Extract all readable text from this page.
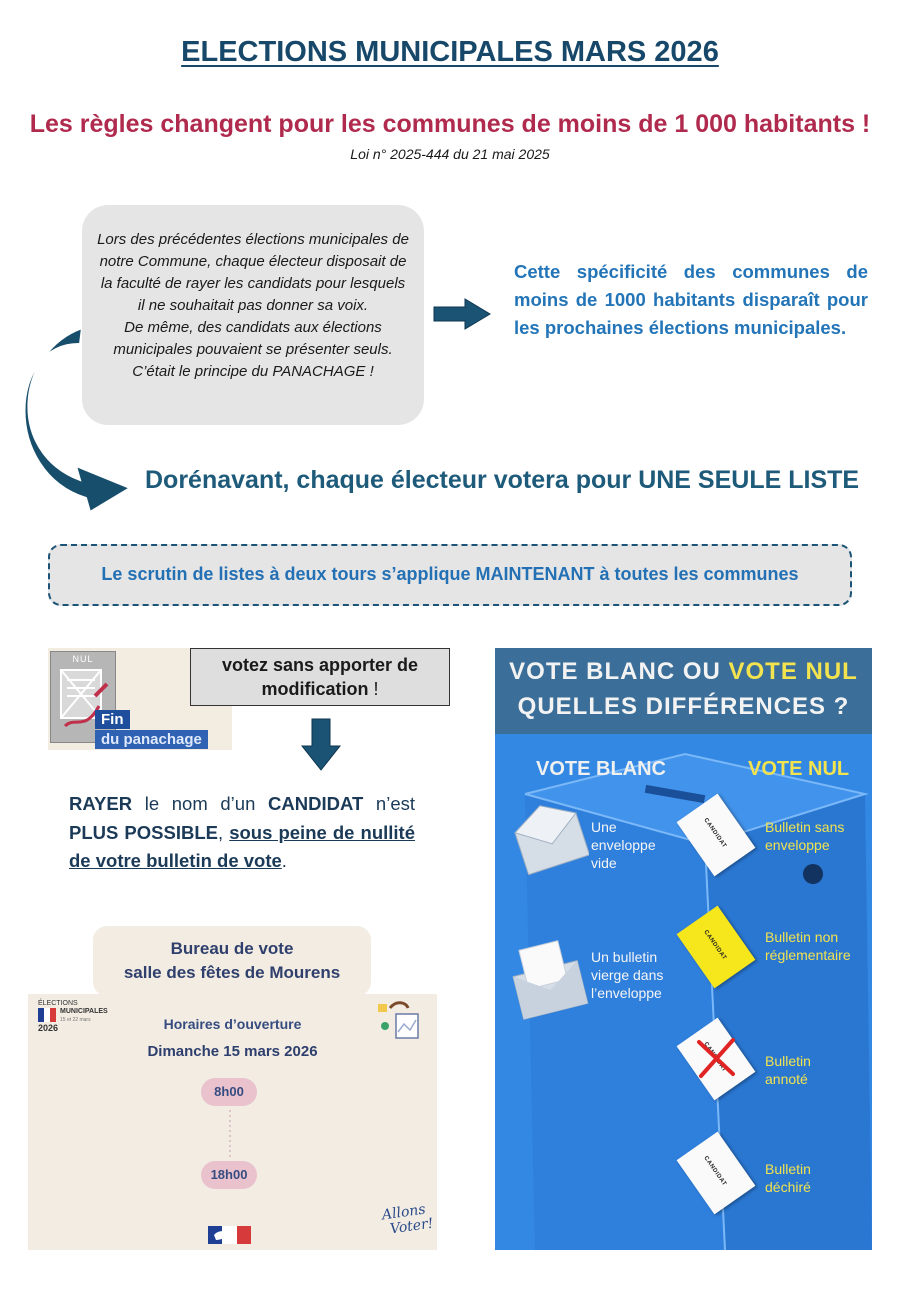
ELECTIONS MUNICIPALES MARS 2026
Les règles changent pour les communes de moins de 1 000 habitants !
Loi n° 2025-444 du 21 mai 2025
Lors des précédentes élections municipales de notre Commune, chaque électeur disposait de la faculté de rayer les candidats pour lesquels il ne souhaitait pas donner sa voix.
De même, des candidats aux élections municipales pouvaient se présenter seuls.
C’était le principe du PANACHAGE !
Cette spécificité des communes de moins de 1000 habitants disparaît pour les prochaines élections municipales.
Dorénavant, chaque électeur votera pour UNE SEULE LISTE
Le scrutin de listes à deux tours s’applique MAINTENANT à toutes les communes
NUL
Fin
du panachage
votez sans apporter de modification !
RAYER le nom d’un CANDIDAT n’est PLUS POSSIBLE, sous peine de nullité de votre bulletin de vote.
Bureau de vote
salle des fêtes de Mourens
ÉLECTIONS
MUNICIPALES
15 et 22 mars
2026	Horaires d’ouverture
Dimanche 15 mars 2026
8h00
18h00
Allons
Voter!
VOTE BLANC OU VOTE NUL
QUELLES DIFFÉRENCES ?
VOTE BLANC	VOTE NUL
Une enveloppe vide
Un bulletin vierge dans l’enveloppe
CANDIDAT	Bulletin sans enveloppe
CANDIDAT	Bulletin non réglementaire
CANDIDAT	Bulletin annoté
CANDIDAT	Bulletin déchiré
